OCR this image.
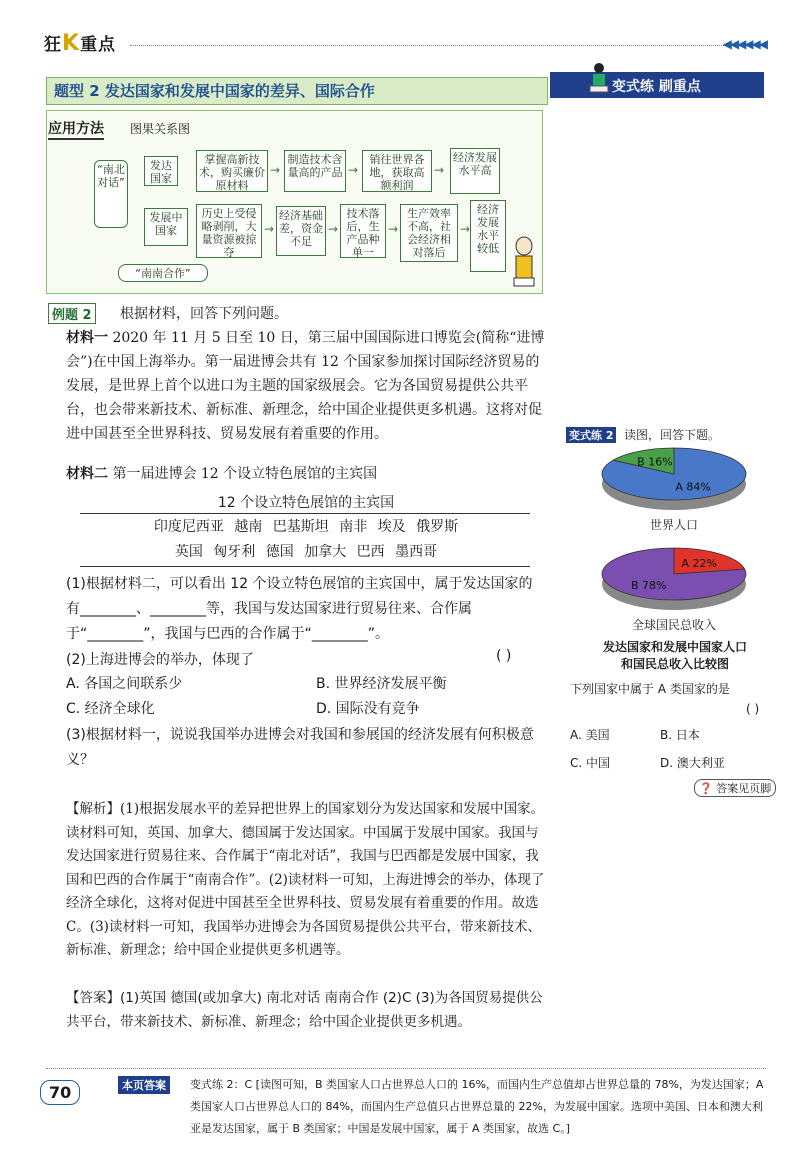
狂K重点	◀◀◀◀◀◀
题型 2 发达国家和发展中国家的差异、国际合作	变式练 刷重点
应用方法 图果关系图
“南北对话”
发达国家
发展中国家
“南南合作”
掌握高新技术，购买廉价原材料
→
制造技术含量高的产品 →
销往世界各地，获取高额利润
→
经济发展水平高
历史上受侵略剥削，大量资源被掠夺
→
经济基础差，资金不足
→
技术落后，生产品种单一
→
生产效率不高，社会经济相对落后
→
经济发展水平较低
例题 2 根据材料，回答下列问题。
材料一 2020 年 11 月 5 日至 10 日，第三届中国国际进口博览会(简称“进博会”)在中国上海举办。第一届进博会共有 12 个国家参加探讨国际经济贸易的发展，是世界上首个以进口为主题的国家级展会。它为各国贸易提供公共平台，也会带来新技术、新标准、新理念，给中国企业提供更多机遇。这将对促进中国甚至全世界科技、贸易发展有着重要的作用。
材料二 第一届进博会 12 个设立特色展馆的主宾国
12 个设立特色展馆的主宾国
印度尼西亚 越南 巴基斯坦 南非 埃及 俄罗斯
英国 匈牙利 德国 加拿大 巴西 墨西哥
(1)根据材料二，可以看出 12 个设立特色展馆的主宾国中，属于发达国家的有________、________等，我国与发达国家进行贸易往来、合作属于“________”，我国与巴西的合作属于“________”。
(2)上海进博会的举办，体现了	( )
A. 各国之间联系少	B. 世界经济发展平衡
C. 经济全球化	D. 国际没有竞争
(3)根据材料一，说说我国举办进博会对我国和参展国的经济发展有何积极意义？
【解析】(1)根据发展水平的差异把世界上的国家划分为发达国家和发展中国家。读材料可知，英国、加拿大、德国属于发达国家。中国属于发展中国家。我国与发达国家进行贸易往来、合作属于“南北对话”，我国与巴西都是发展中国家，我国和巴西的合作属于“南南合作”。(2)读材料一可知，上海进博会的举办，体现了经济全球化，这将对促进中国甚至全世界科技、贸易发展有着重要的作用。故选 C。(3)读材料一可知，我国举办进博会为各国贸易提供公共平台，带来新技术、新标准、新理念；给中国企业提供更多机遇等。
【答案】(1)英国 德国(或加拿大) 南北对话 南南合作 (2)C (3)为各国贸易提供公共平台，带来新技术、新标准、新理念；给中国企业提供更多机遇。
变式练 2 读图，回答下题。
A 84%
B 16%
世界人口
A 22%
B 78%
全球国民总收入
发达国家和发展中国家人口和国民总收入比较图
下列国家中属于 A 类国家的是
( )
A. 美国	B. 日本
C. 中国	D. 澳大利亚
❓ 答案见页脚
70	本页答案	变式练 2：C [读图可知，B 类国家人口占世界总人口的 16%，而国内生产总值却占世界总量的 78%，为发达国家；A 类国家人口占世界总人口的 84%，而国内生产总值只占世界总量的 22%，为发展中国家。选项中美国、日本和澳大利亚是发达国家，属于 B 类国家；中国是发展中国家，属于 A 类国家，故选 C。]
